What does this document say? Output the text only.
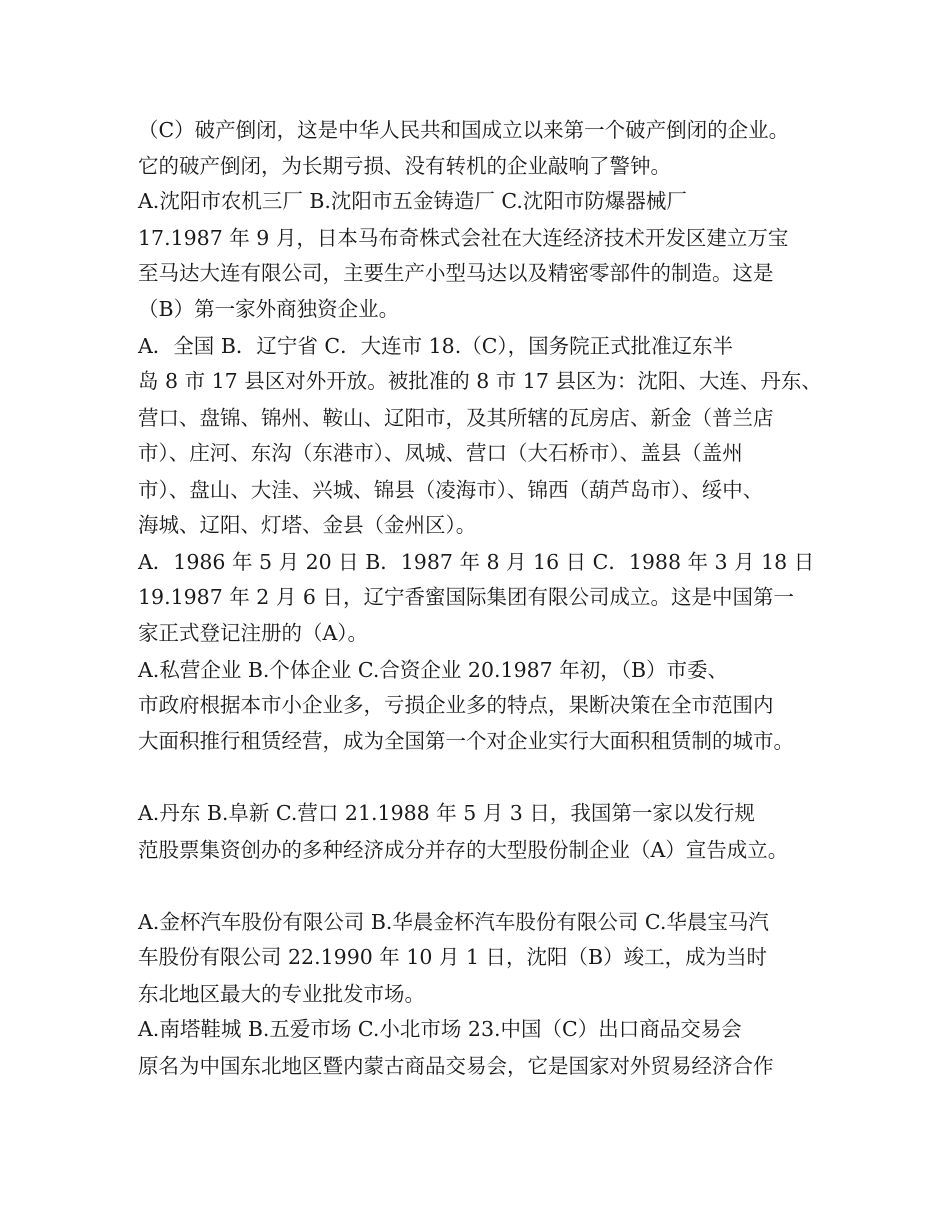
（C）破产倒闭，这是中华人民共和国成立以来第一个破产倒闭的企业。
它的破产倒闭，为长期亏损、没有转机的企业敲响了警钟。
A.沈阳市农机三厂 B.沈阳市五金铸造厂 C.沈阳市防爆器械厂
17.1987 年 9 月，日本马布奇株式会社在大连经济技术开发区建立万宝
至马达大连有限公司，主要生产小型马达以及精密零部件的制造。这是
（B）第一家外商独资企业。
A．全国 B．辽宁省 C．大连市 18.（C），国务院正式批准辽东半
岛 8 市 17 县区对外开放。被批准的 8 市 17 县区为：沈阳、大连、丹东、
营口、盘锦、锦州、鞍山、辽阳市，及其所辖的瓦房店、新金（普兰店
市）、庄河、东沟（东港市）、凤城、营口（大石桥市）、盖县（盖州
市）、盘山、大洼、兴城、锦县（凌海市）、锦西（葫芦岛市）、绥中、
海城、辽阳、灯塔、金县（金州区）。
A．1986 年 5 月 20 日 B．1987 年 8 月 16 日 C．1988 年 3 月 18 日
19.1987 年 2 月 6 日，辽宁香蜜国际集团有限公司成立。这是中国第一
家正式登记注册的（A）。
A.私营企业 B.个体企业 C.合资企业 20.1987 年初，（B）市委、
市政府根据本市小企业多，亏损企业多的特点，果断决策在全市范围内
大面积推行租赁经营，成为全国第一个对企业实行大面积租赁制的城市。
A.丹东 B.阜新 C.营口 21.1988 年 5 月 3 日，我国第一家以发行规
范股票集资创办的多种经济成分并存的大型股份制企业（A）宣告成立。
A.金杯汽车股份有限公司 B.华晨金杯汽车股份有限公司 C.华晨宝马汽
车股份有限公司 22.1990 年 10 月 1 日，沈阳（B）竣工，成为当时
东北地区最大的专业批发市场。
A.南塔鞋城 B.五爱市场 C.小北市场 23.中国（C）出口商品交易会
原名为中国东北地区暨内蒙古商品交易会，它是国家对外贸易经济合作
